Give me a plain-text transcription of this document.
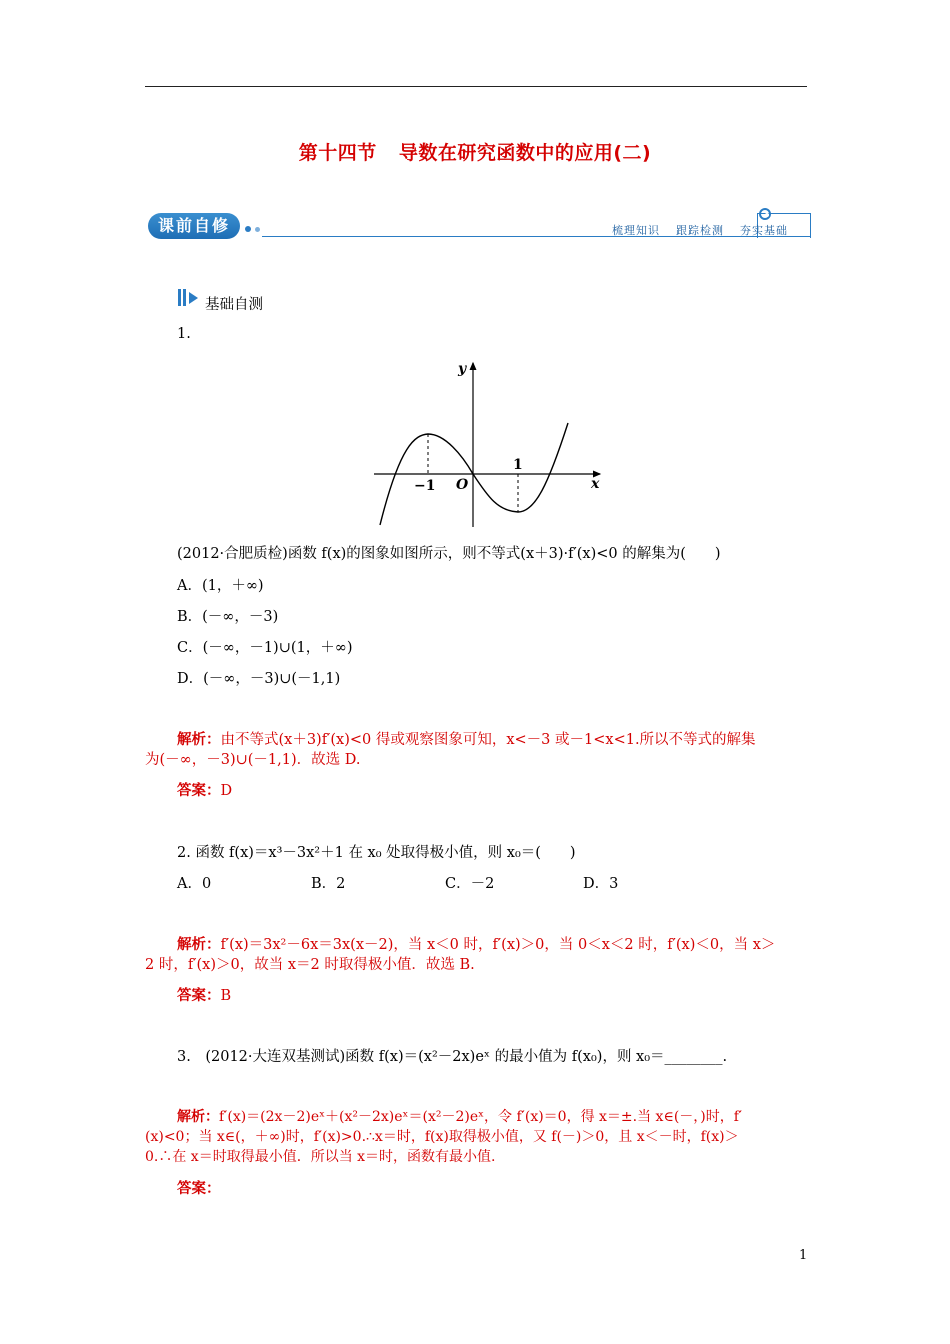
第十四节 导数在研究函数中的应用(二)
课前自修	梳理知识 跟踪检测 夯实基础
基础自测
1.
y
x
O
−1
1
(2012·合肥质检)函数 f(x)的图象如图所示，则不等式(x＋3)·f′(x)<0 的解集为(　　)
A．(1，＋∞)
B．(－∞，－3)
C．(－∞，－1)∪(1，＋∞)
D．(－∞，－3)∪(－1,1)
解析：由不等式(x＋3)f′(x)<0 得或观察图象可知，x<－3 或－1<x<1.所以不等式的解集
为(－∞，－3)∪(－1,1)．故选 D.
答案：D
2. 函数 f(x)＝x³－3x²＋1 在 x₀ 处取得极小值，则 x₀＝(　　)
A．0	B．2	C．－2	D．3
解析：f′(x)＝3x²－6x＝3x(x－2)，当 x＜0 时，f′(x)＞0，当 0＜x＜2 时，f′(x)＜0，当 x＞
2 时，f′(x)＞0，故当 x＝2 时取得极小值．故选 B.
答案：B
3.　(2012·大连双基测试)函数 f(x)＝(x²－2x)eˣ 的最小值为 f(x₀)，则 x₀＝________.
解析：f′(x)＝(2x－2)eˣ＋(x²－2x)eˣ＝(x²－2)eˣ，令 f′(x)＝0，得 x＝±.当 x∈(－，)时，f′
(x)<0；当 x∈(，＋∞)时，f′(x)>0.∴x＝时，f(x)取得极小值，又 f(－)＞0，且 x＜－时，f(x)＞
0.∴在 x＝时取得最小值．所以当 x＝时，函数有最小值.
答案：
1
